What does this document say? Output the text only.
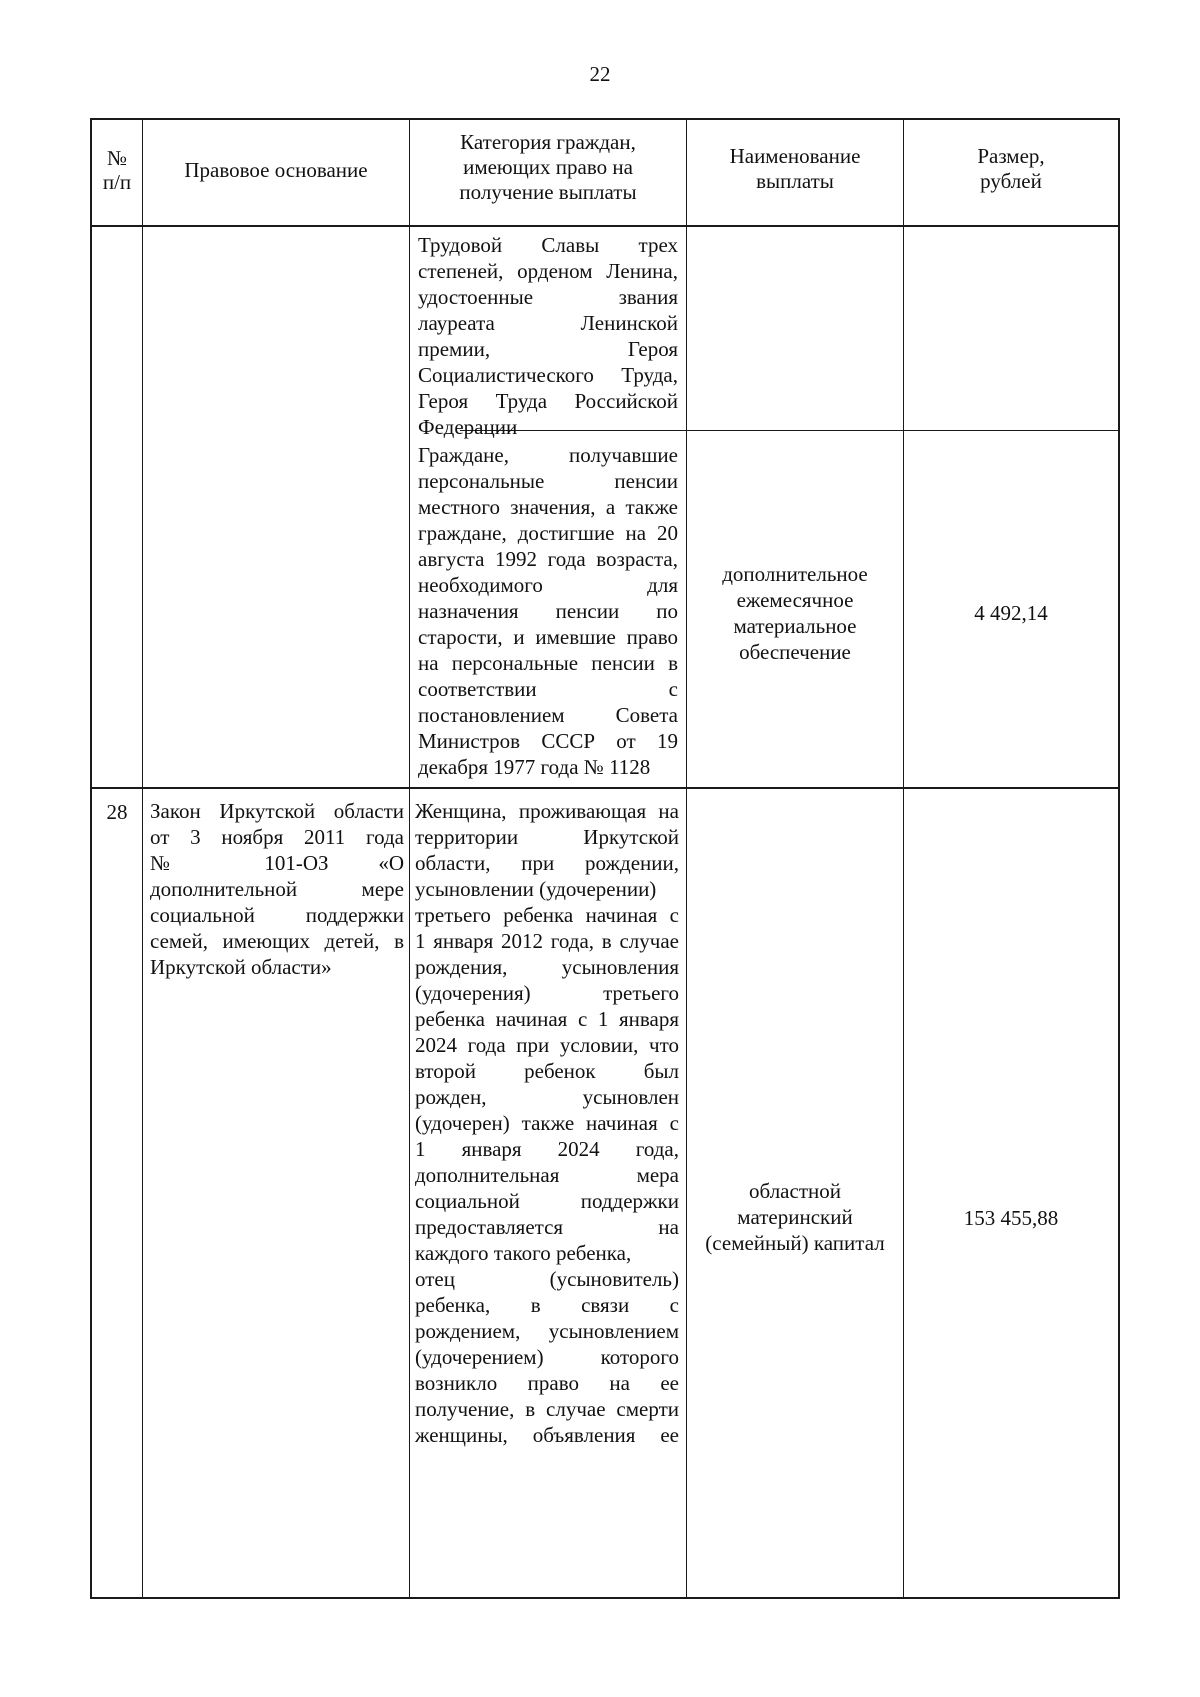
22
№
п/п	Правовое основание
Категория граждан,
имеющих право на
получение выплаты
Наименование
выплаты
Размер,
рублей
Трудовой Славы трех
степеней, орденом Ленина,
удостоенные звания
лауреата Ленинской
премии, Героя
Социалистического Труда,
Героя Труда Российской
Федерации
Граждане, получавшие
персональные пенсии
местного значения, а также
граждане, достигшие на 20
августа 1992 года возраста,
необходимого для
назначения пенсии по
старости, и имевшие право
на персональные пенсии в
соответствии с
постановлением Совета
Министров СССР от 19
декабря 1977 года № 1128
дополнительное
ежемесячное
материальное
обеспечение
4 492,14
28	Закон Иркутской области
от 3 ноября 2011 года
№ 101-ОЗ «О
дополнительной мере
социальной поддержки
семей, имеющих детей, в
Иркутской области»
Женщина, проживающая на
территории Иркутской
области, при рождении,
усыновлении (удочерении)
третьего ребенка начиная с
1 января 2012 года, в случае
рождения, усыновления
(удочерения) третьего
ребенка начиная с 1 января
2024 года при условии, что
второй ребенок был
рожден, усыновлен
(удочерен) также начиная с
1 января 2024 года,
дополнительная мера
социальной поддержки
предоставляется на
каждого такого ребенка,
отец (усыновитель)
ребенка, в связи с
рождением, усыновлением
(удочерением) которого
возникло право на ее
получение, в случае смерти
женщины, объявления ее
областной
материнский
(семейный) капитал
153 455,88
